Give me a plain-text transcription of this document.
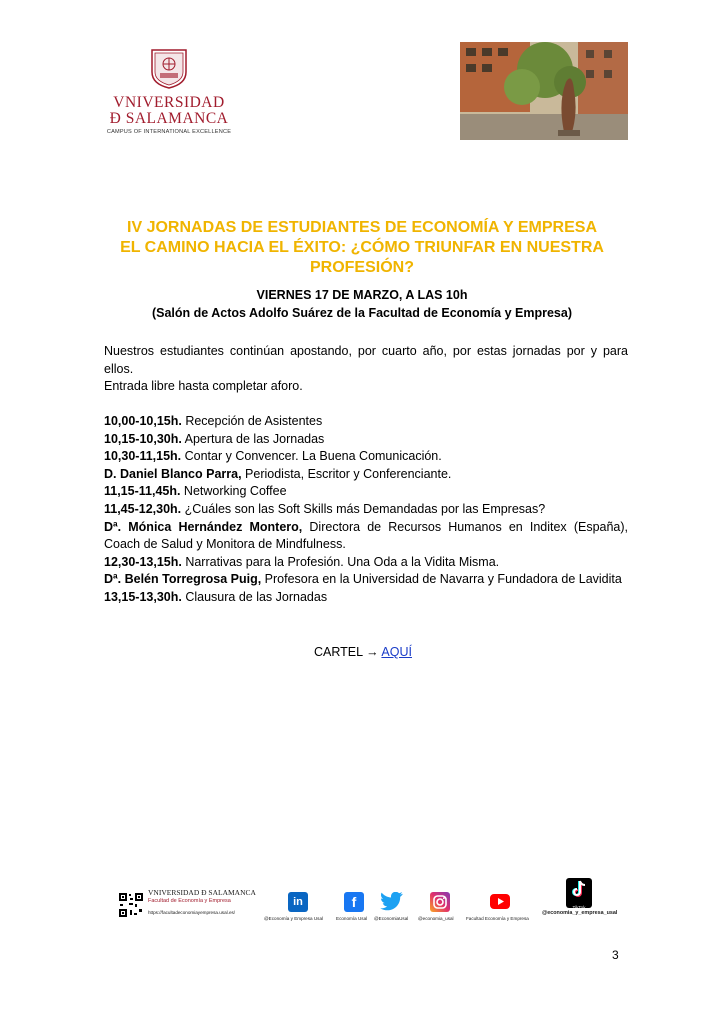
VNIVERSIDAD
Ð SALAMANCA
CAMPUS OF INTERNATIONAL EXCELLENCE
IV JORNADAS DE ESTUDIANTES DE ECONOMÍA Y EMPRESA
EL CAMINO HACIA EL ÉXITO: ¿CÓMO TRIUNFAR EN NUESTRA PROFESIÓN?
VIERNES 17 DE MARZO, A LAS 10h
(Salón de Actos Adolfo Suárez de la Facultad de Economía y Empresa)
Nuestros estudiantes continúan apostando, por cuarto año, por estas jornadas por y para ellos.
Entrada libre hasta completar aforo.
10,00-10,15h. Recepción de Asistentes
10,15-10,30h. Apertura de las Jornadas
10,30-11,15h. Contar y Convencer. La Buena Comunicación.
D. Daniel Blanco Parra, Periodista, Escritor y Conferenciante.
11,15-11,45h. Networking Coffee
11,45-12,30h. ¿Cuáles son las Soft Skills más Demandadas por las Empresas?
Dª. Mónica Hernández Montero, Directora de Recursos Humanos en Inditex (España), Coach de Salud y Monitora de Mindfulness.
12,30-13,15h. Narrativas para la Profesión. Una Oda a la Vidita Misma.
Dª. Belén Torregrosa Puig, Profesora en la Universidad de Navarra y Fundadora de Lavidita
13,15-13,30h. Clausura de las Jornadas
CARTEL → AQUÍ
VNIVERSIDAD Ð SALAMANCA
Facultad de Economía y Empresa
https://facultadeconomiayempresa.usal.es/
in
@Economía y Empresa Usal
f
Economía Usal @EconomiaUsal @economia_usal	Facultad Economía y Empresa
TikTok
@economia_y_empresa_usal
3
